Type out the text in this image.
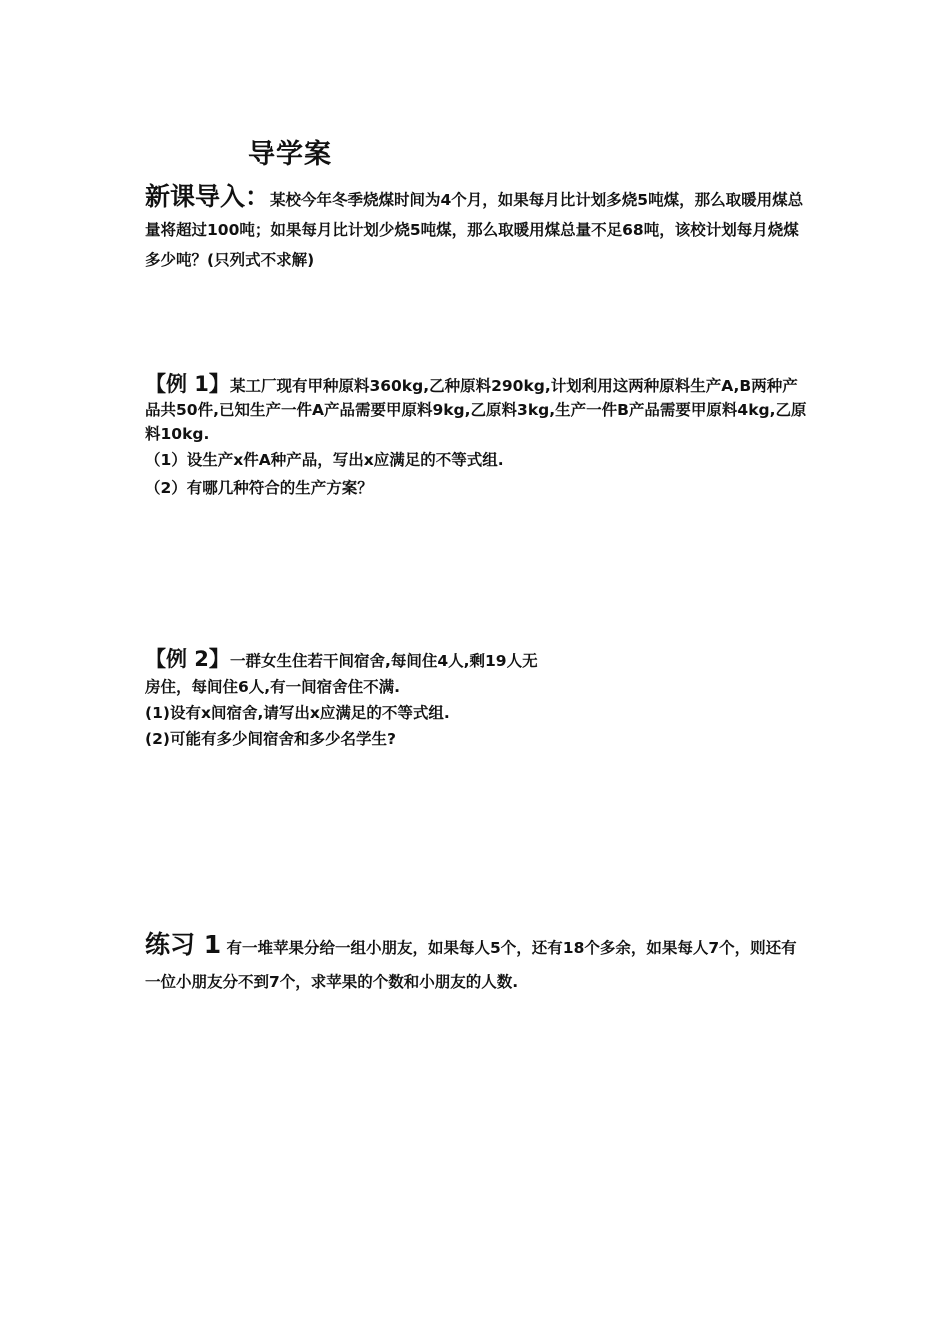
导学案

新课导入：某校今年冬季烧煤时间为4个月，如果每月比计划多烧5吨煤，那么取暖用煤总量将超过100吨；如果每月比计划少烧5吨煤，那么取暖用煤总量不足68吨，该校计划每月烧煤多少吨？(只列式不求解)

【例 1】某工厂现有甲种原料360kg,乙种原料290kg,计划利用这两种原料生产A,B两种产品共50件,已知生产一件A产品需要甲原料9kg,乙原料3kg,生产一件B产品需要甲原料4kg,乙原料10kg.

（1）设生产x件A种产品，写出x应满足的不等式组.

（2）有哪几种符合的生产方案？

【例 2】一群女生住若干间宿舍,每间住4人,剩19人无

房住，每间住6人,有一间宿舍住不满.

(1)设有x间宿舍,请写出x应满足的不等式组.

(2)可能有多少间宿舍和多少名学生?

练习 1 有一堆苹果分给一组小朋友，如果每人5个，还有18个多余，如果每人7个，则还有一位小朋友分不到7个，求苹果的个数和小朋友的人数.
